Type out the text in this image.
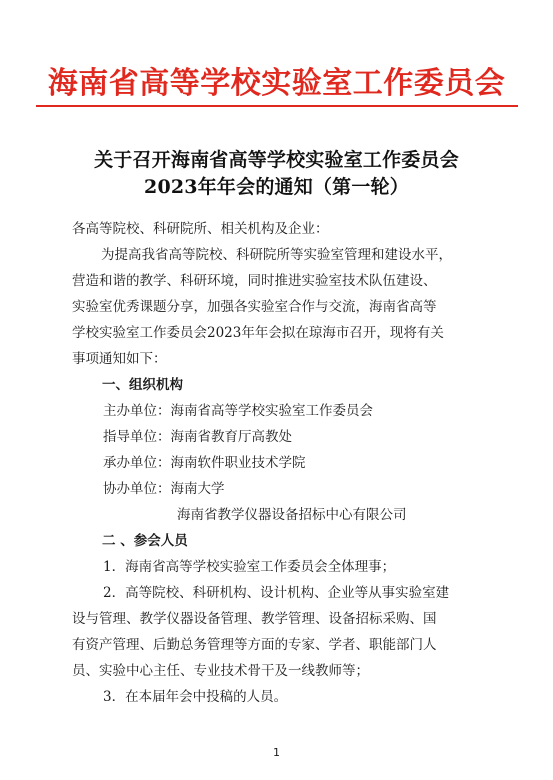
海南省高等学校实验室工作委员会
关于召开海南省高等学校实验室工作委员会
2023年年会的通知（第一轮）
各高等院校、科研院所、相关机构及企业：
为提高我省高等院校、科研院所等实验室管理和建设水平，
营造和谐的教学、科研环境，同时推进实验室技术队伍建设、
实验室优秀课题分享，加强各实验室合作与交流，海南省高等
学校实验室工作委员会2023年年会拟在琼海市召开，现将有关
事项通知如下：
一、组织机构
主办单位：海南省高等学校实验室工作委员会
指导单位：海南省教育厅高教处
承办单位：海南软件职业技术学院
协办单位：海南大学
海南省教学仪器设备招标中心有限公司
二 、参会人员
1．海南省高等学校实验室工作委员会全体理事；
2．高等院校、科研机构、设计机构、企业等从事实验室建
设与管理、教学仪器设备管理、教学管理、设备招标采购、国
有资产管理、后勤总务管理等方面的专家、学者、职能部门人
员、实验中心主任、专业技术骨干及一线教师等；
3．在本届年会中投稿的人员。
1
